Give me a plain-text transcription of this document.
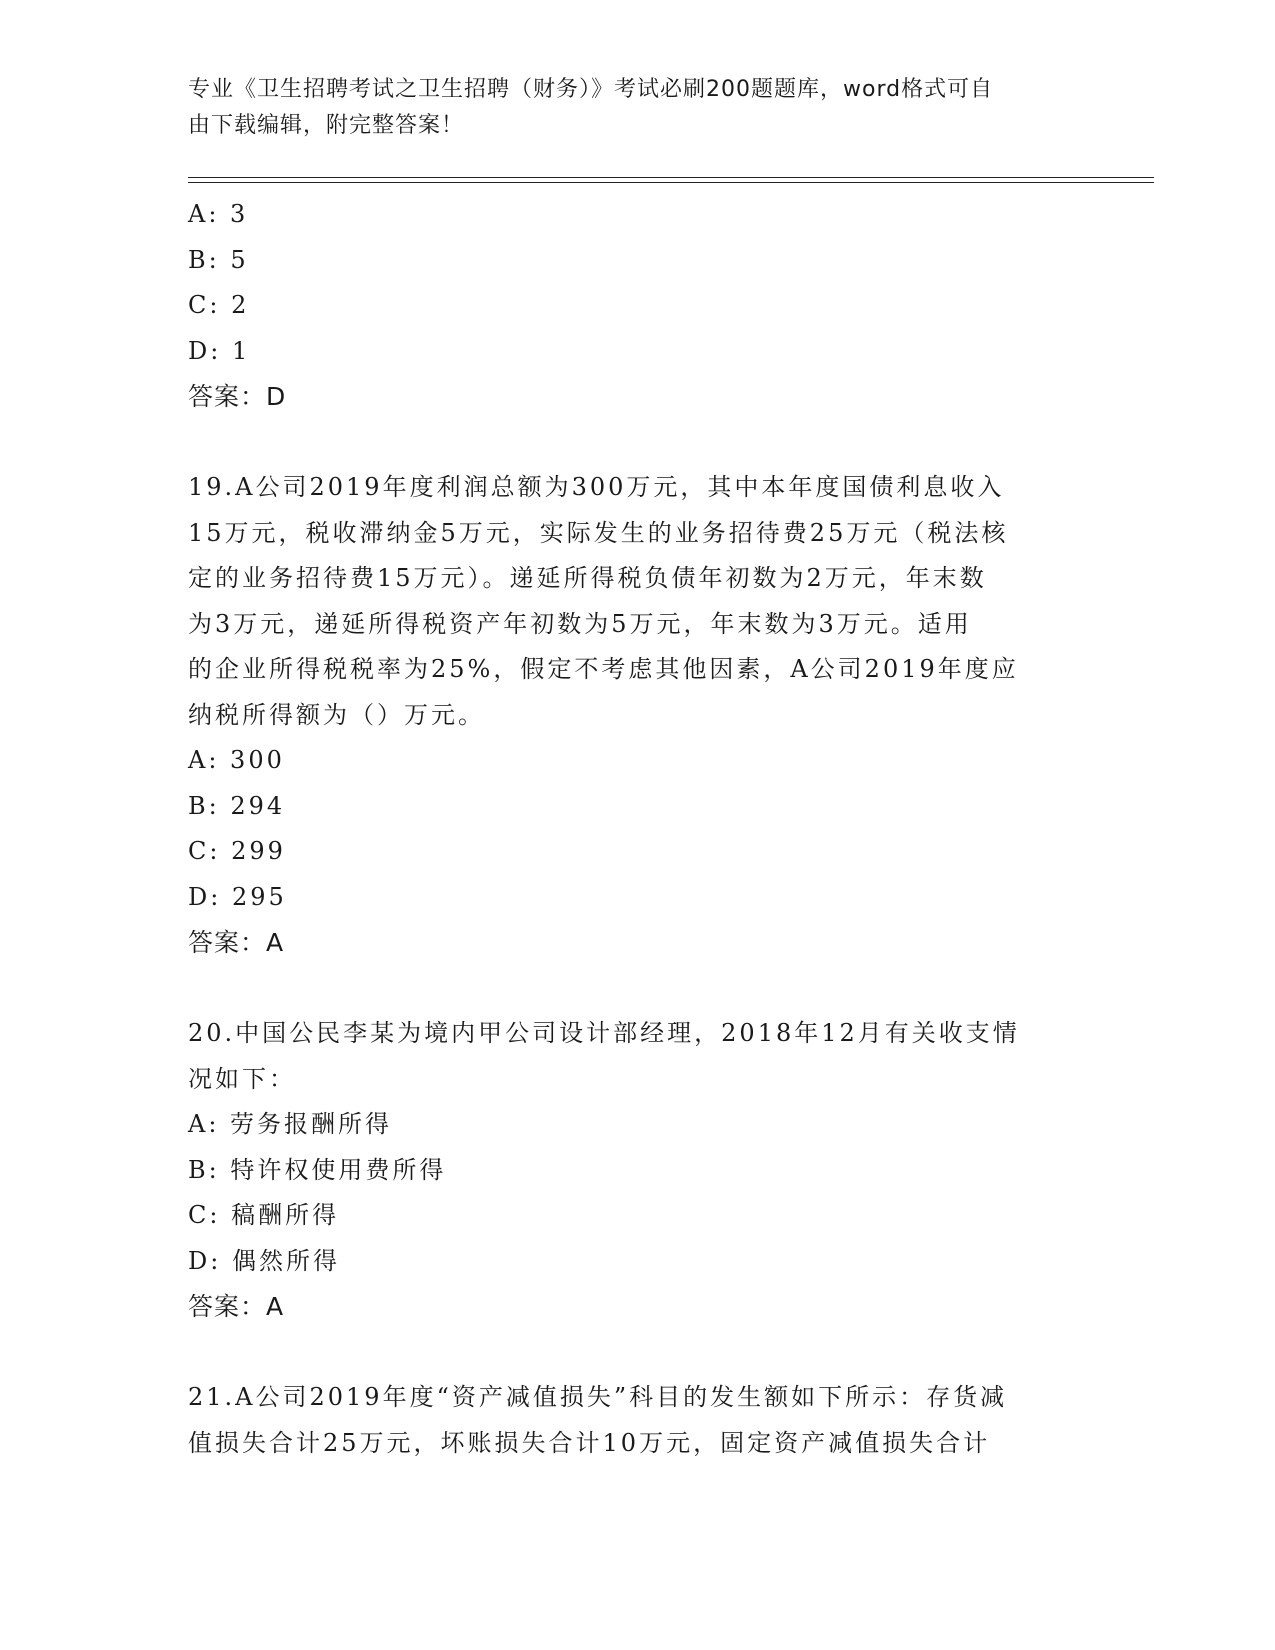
专业《卫生招聘考试之卫生招聘（财务）》考试必刷200题题库，word格式可自
由下载编辑，附完整答案！
A: 3
B: 5
C: 2
D: 1
答案：D
19.A公司2019年度利润总额为300万元，其中本年度国债利息收入
15万元，税收滞纳金5万元，实际发生的业务招待费25万元（税法核
定的业务招待费15万元）。递延所得税负债年初数为2万元，年末数
为3万元，递延所得税资产年初数为5万元，年末数为3万元。适用
的企业所得税税率为25%，假定不考虑其他因素，A公司2019年度应
纳税所得额为（）万元。
A: 300
B: 294
C: 299
D: 295
答案：A
20.中国公民李某为境内甲公司设计部经理，2018年12月有关收支情
况如下：
A: 劳务报酬所得
B: 特许权使用费所得
C: 稿酬所得
D: 偶然所得
答案：A
21.A公司2019年度“资产减值损失”科目的发生额如下所示：存货减
值损失合计25万元，坏账损失合计10万元，固定资产减值损失合计
